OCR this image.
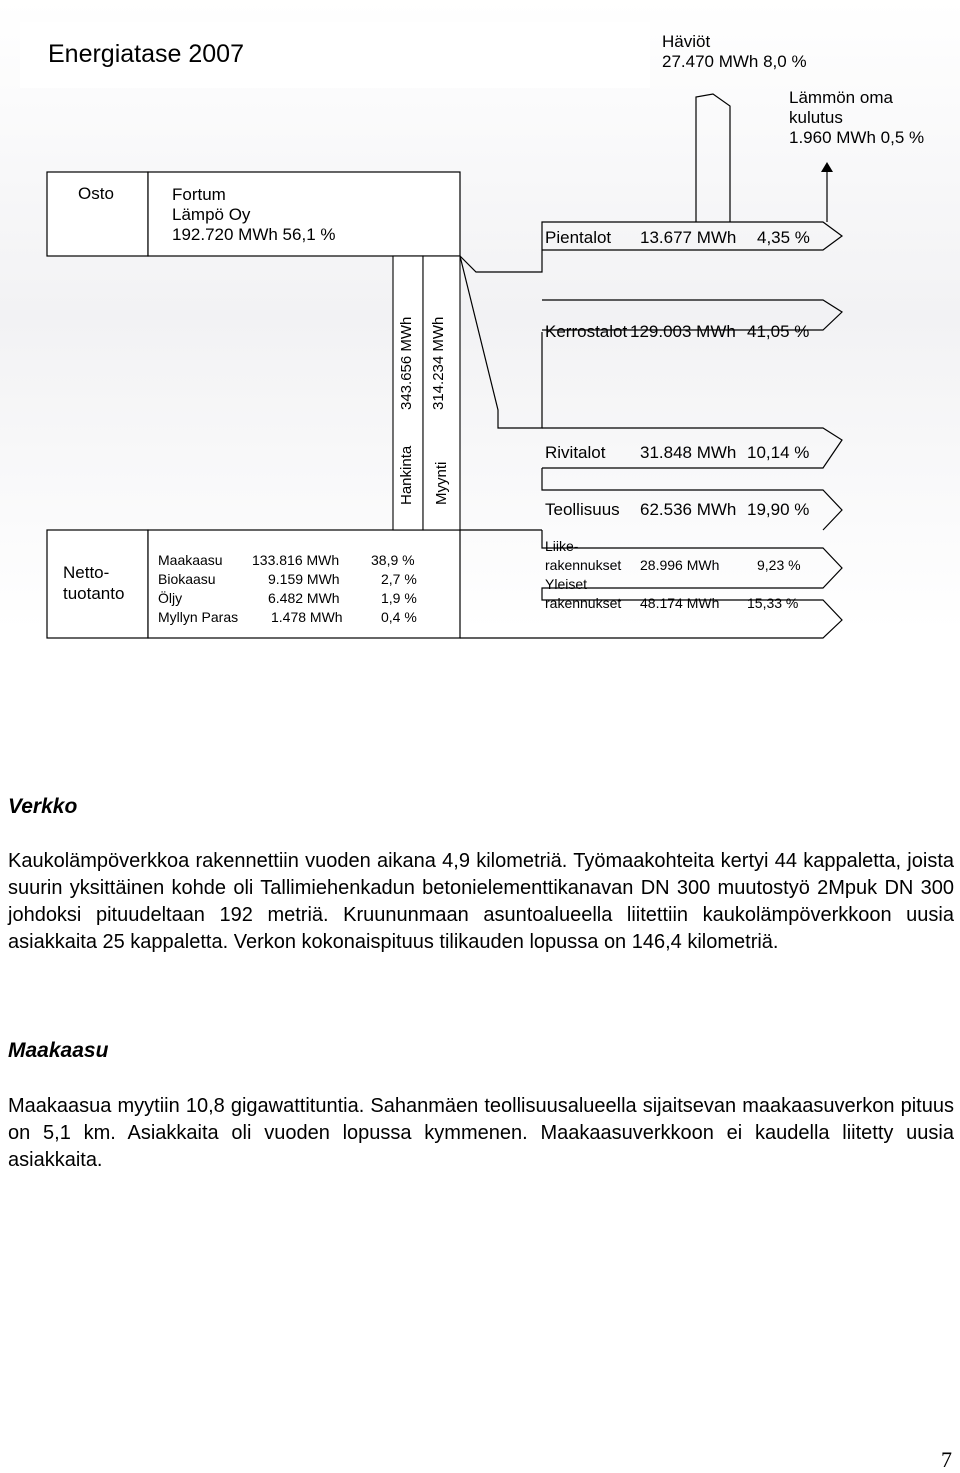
Energiatase 2007	Häviöt
27.470 MWh 8,0 %
Lämmön oma
kulutus
1.960 MWh 0,5 %
Osto	Fortum
Lämpö Oy
192.720 MWh 56,1 %
343.656 MWh 314.234 MWh
Hankinta Myynti
Pientalot 13.677 MWh 4,35 %
Kerrostalot 129.003 MWh 41,05 %
Rivitalot 31.848 MWh 10,14 %
Teollisuus 62.536 MWh 19,90 %
Liike-
rakennukset 28.996 MWh	9,23 %
Yleiset
rakennukset 48.174 MWh 15,33 %
Netto-
tuotanto
Maakaasu 133.816 MWh 38,9 %
Biokaasu	9.159 MWh	2,7 %
Öljy	6.482 MWh	1,9 %
Myllyn Paras 1.478 MWh	0,4 %
Verkko
Kaukolämpöverkkoa rakennettiin vuoden aikana 4,9 kilometriä. Työmaakohteita kertyi 44 kappaletta, joista suurin yksittäinen kohde oli Tallimiehenkadun betonielementtikanavan DN 300 muutostyö 2Mpuk DN 300 johdoksi pituudeltaan 192 metriä. Kruununmaan asuntoalueella liitettiin kaukolämpöverkkoon uusia asiakkaita 25 kappaletta. Verkon kokonaispituus tilikauden lopussa on 146,4 kilometriä.
Maakaasu
Maakaasua myytiin 10,8 gigawattituntia. Sahanmäen teollisuusalueella sijaitsevan maakaasuverkon pituus on 5,1 km. Asiakkaita oli vuoden lopussa kymmenen. Maakaasuverkkoon ei kaudella liitetty uusia asiakkaita.
7
